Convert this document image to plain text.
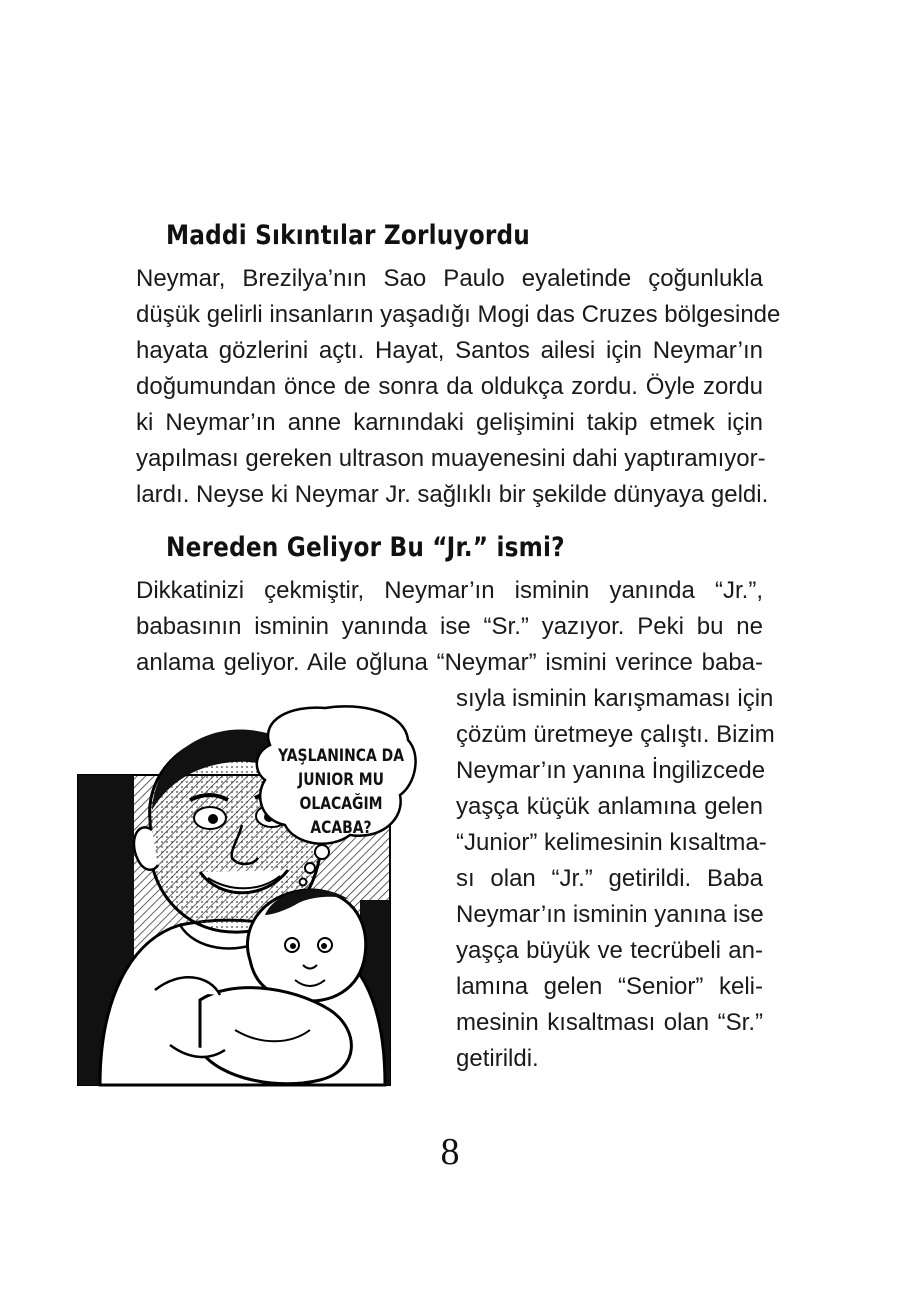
Maddi Sıkıntılar Zorluyordu

Neymar, Brezilya’nın Sao Paulo eyaletinde çoğunlukla

düşük gelirli insanların yaşadığı Mogi das Cruzes bölgesinde

hayata gözlerini açtı. Hayat, Santos ailesi için Neymar’ın

doğumundan önce de sonra da oldukça zordu. Öyle zordu

ki Neymar’ın anne karnındaki gelişimini takip etmek için

yapılması gereken ultrason muayenesini dahi yaptıramıyor-

lardı. Neyse ki Neymar Jr. sağlıklı bir şekilde dünyaya geldi.

Nereden Geliyor Bu “Jr.” ismi?

Dikkatinizi çekmiştir, Neymar’ın isminin yanında “Jr.”,

babasının isminin yanında ise “Sr.” yazıyor. Peki bu ne

anlama geliyor. Aile oğluna “Neymar” ismini verince baba-

sıyla isminin karışmaması için

çözüm üretmeye çalıştı. Bizim

Neymar’ın yanına İngilizcede

yaşça küçük anlamına gelen

“Junior” kelimesinin kısaltma-

sı olan “Jr.” getirildi. Baba

Neymar’ın isminin yanına ise

yaşça büyük ve tecrübeli an-

lamına gelen “Senior” keli-

mesinin kısaltması olan “Sr.”

getirildi.

YAŞLANINCA DA
JUNIOR MU
OLACAĞIM
ACABA?
8
